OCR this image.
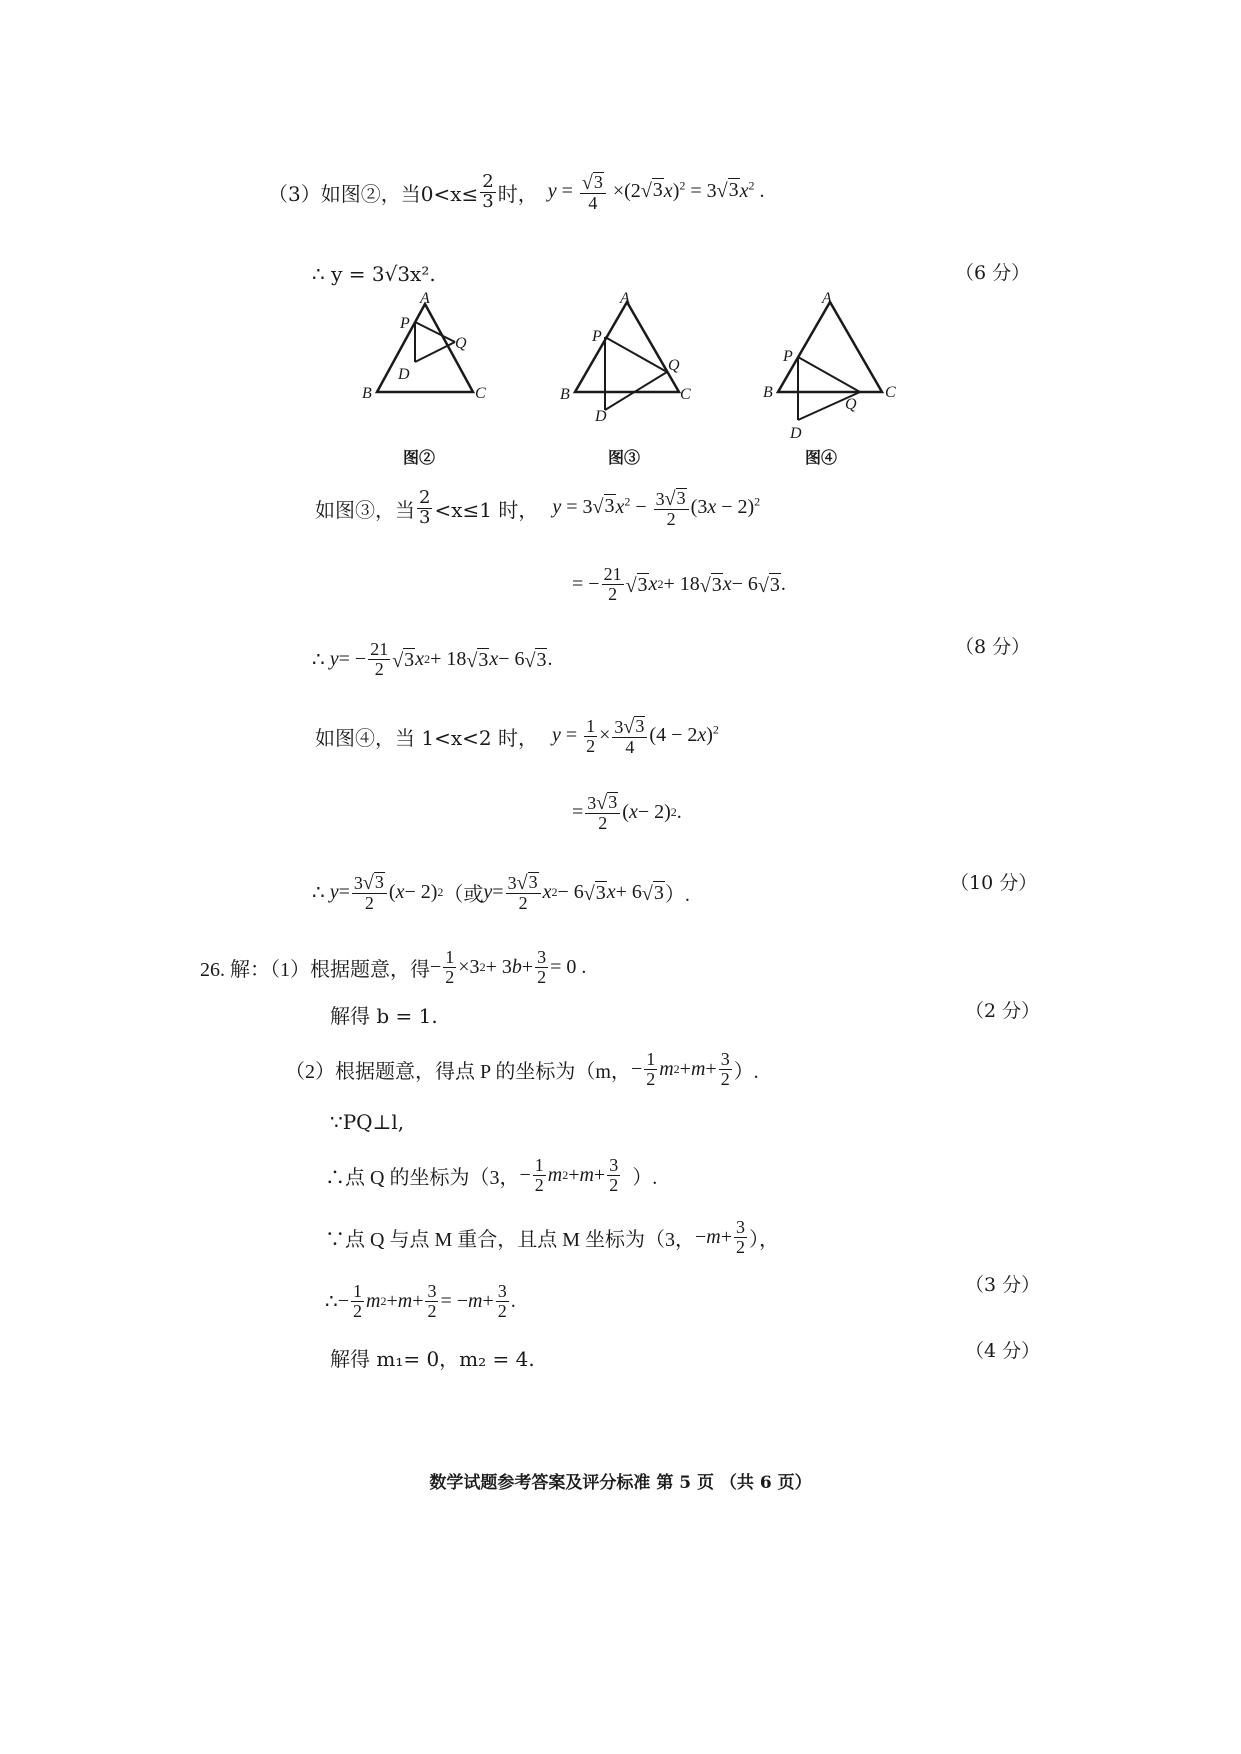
（3）如图②，当$0<x\le \frac{2}{3}$ 时， $y = \frac{√ 3}{4} \times(2$ √ 3 x)$^2$ = 3 √ 3 $x^2$ .
∴ y = 3√3x².	（6 分）
A
P
Q
D
B	C
图②
A
P
Q
B	C
D
图③
A
P
B
Q
C
D
图④
如图③，当 $\frac{2}{3} <x\le 1$ 时， y = 3 √ 3 $x^2 - \frac{3 √ 3}{2} (3x - 2)^2$
= − $\frac{21}{2}$ √ 3 x 2 + 18 √ 3 x − 6 √ 3 .
∴
y = − $\frac{21}{2}$ √ 3 x 2 + 18 √ 3 x − 6 √ 3 .
（8 分）
如图④，当 1<x<2 时， $y = \frac{1}{2} \times \frac{3 √ 3}{4} (4 - 2x)^2$
= $\frac{3 √ 3}{2}$ ( x − 2) 2 .
∴
$y = \frac{3 √ 3}{2}$ ( x − 2) 2 （或 $y = \frac{3 √ 3}{2}$ x 2 − 6 √ 3 x + 6 √ 3 ）.
（10 分）
26. 解：（1）根据题意，得 − $\frac{1}{2} \times 3$ 2 + 3 $b + \frac{3}{2} = 0$ .
解得 b = 1.	（2 分）
（2）根据题意，得点 P 的坐标为（m， − $\frac{1}{2}$ m $2 + m + \frac{3}{2}$ ）.
∵PQ⊥l,
∴点 Q 的坐标为（3， − $\frac{1}{2}$ m $2 + m + \frac{3}{2}$
）.
∵点 Q 与点 M 重合，且点 M 坐标为（3， − $m + \frac{3}{2}$ ），
∴ − $\frac{1}{2}$ m $2 + m + \frac{3}{2}$ = − $m + \frac{3}{2}$ .
（3 分）
解得 m₁= 0，m₂ = 4.	（4 分）
数学试题参考答案及评分标准 第 5 页 （共 6 页）
